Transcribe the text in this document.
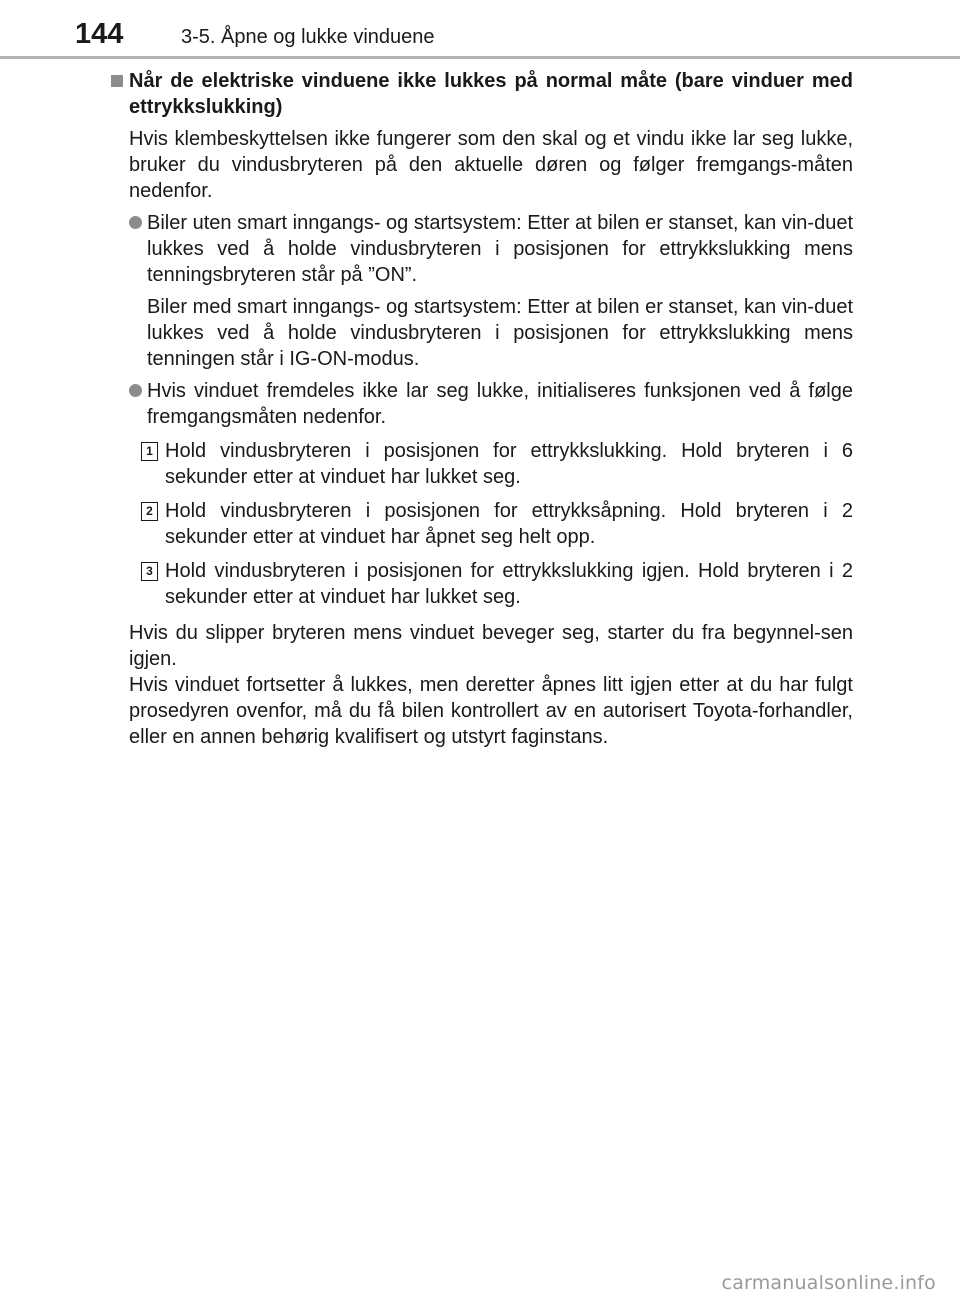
144	3-5. Åpne og lukke vinduene

Når de elektriske vinduene ikke lukkes på normal måte (bare vinduer med ettrykkslukking)

Hvis klembeskyttelsen ikke fungerer som den skal og et vindu ikke lar seg lukke, bruker du vindusbryteren på den aktuelle døren og følger fremgangs-måten nedenfor.

Biler uten smart inngangs- og startsystem: Etter at bilen er stanset, kan vin-duet lukkes ved å holde vindusbryteren i posisjonen for ettrykkslukking mens tenningsbryteren står på ”ON”.

Biler med smart inngangs- og startsystem: Etter at bilen er stanset, kan vin-duet lukkes ved å holde vindusbryteren i posisjonen for ettrykkslukking mens tenningen står i IG-ON-modus.

Hvis vinduet fremdeles ikke lar seg lukke, initialiseres funksjonen ved å følge fremgangsmåten nedenfor.
1 Hold vindusbryteren i posisjonen for ettrykkslukking. Hold bryteren i 6 sekunder etter at vinduet har lukket seg.
2 Hold vindusbryteren i posisjonen for ettrykksåpning. Hold bryteren i 2 sekunder etter at vinduet har åpnet seg helt opp.
3 Hold vindusbryteren i posisjonen for ettrykkslukking igjen. Hold bryteren i 2 sekunder etter at vinduet har lukket seg.

Hvis du slipper bryteren mens vinduet beveger seg, starter du fra begynnel-sen igjen.

Hvis vinduet fortsetter å lukkes, men deretter åpnes litt igjen etter at du har fulgt prosedyren ovenfor, må du få bilen kontrollert av en autorisert Toyota-forhandler, eller en annen behørig kvalifisert og utstyrt faginstans.

carmanualsonline.info
